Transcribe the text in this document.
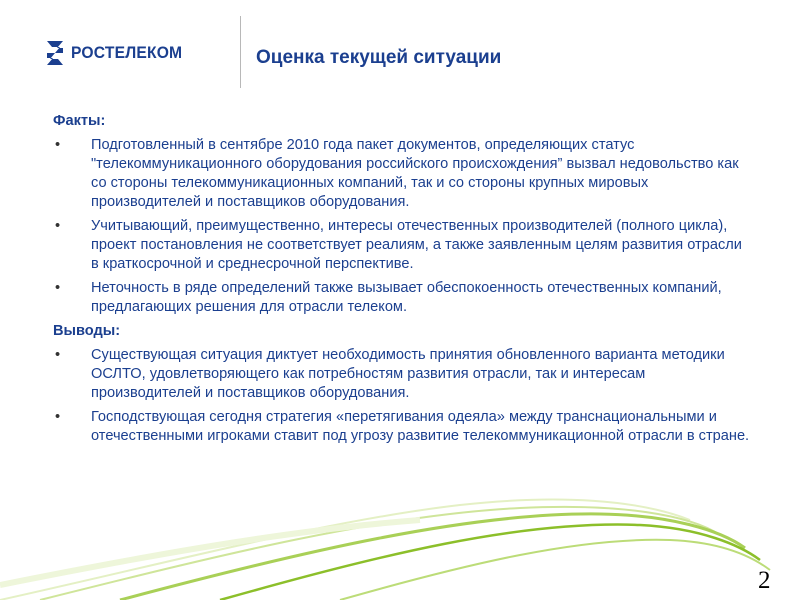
РОСТЕЛЕКОМ	Оценка текущей ситуации
Факты:
• Подготовленный в сентябре 2010 года пакет документов, определяющих статус "телекоммуникационного оборудования российского происхождения” вызвал недовольство как со стороны телекоммуникационных компаний, так и со стороны крупных мировых производителей и поставщиков оборудования.
• Учитывающий, преимущественно, интересы отечественных производителей (полного цикла), проект постановления не соответствует реалиям, а также заявленным целям развития отрасли в краткосрочной и среднесрочной перспективе.
• Неточность в ряде определений также вызывает обеспокоенность отечественных компаний, предлагающих решения для отрасли телеком.
Выводы:
• Существующая ситуация диктует необходимость принятия обновленного варианта методики ОСЛТО, удовлетворяющего как потребностям развития отрасли, так и интересам производителей и поставщиков оборудования.
• Господствующая сегодня стратегия «перетягивания одеяла» между транснациональными и отечественными игроками ставит под угрозу развитие телекоммуникационной отрасли в стране.
2
